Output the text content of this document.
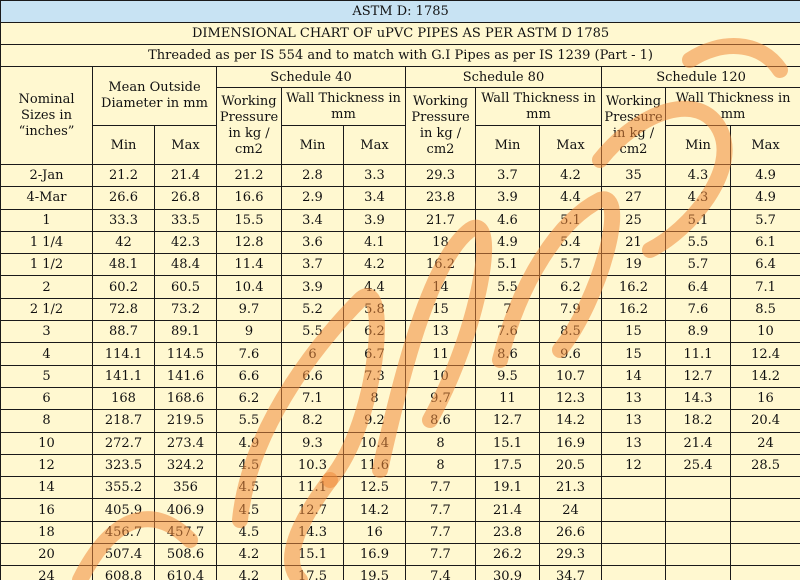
ASTM D: 1785											
DIMENSIONAL CHART OF uPVC PIPES AS PER ASTM D 1785											
Threaded as per IS 554 and to match with G.I Pipes as per IS 1239 (Part - 1)											
Nominal Sizes in “inches”	Mean Outside Diameter in mm		Schedule 40			Schedule 80			Schedule 120		
			Working Pressure in kg / cm2	Wall Thickness in mm		Working Pressure in kg / cm2	Wall Thickness in mm		Working Pressure in kg / cm2	Wall Thickness in mm	
	Min	Max		Min	Max		Min	Max		Min	Max
2-Jan	21.2	21.4	21.2	2.8	3.3	29.3	3.7	4.2	35	4.3	4.9
4-Mar	26.6	26.8	16.6	2.9	3.4	23.8	3.9	4.4	27	4.3	4.9
1	33.3	33.5	15.5	3.4	3.9	21.7	4.6	5.1	25	5.1	5.7
1 1/4	42	42.3	12.8	3.6	4.1	18	4.9	5.4	21	5.5	6.1
1 1/2	48.1	48.4	11.4	3.7	4.2	16.2	5.1	5.7	19	5.7	6.4
2	60.2	60.5	10.4	3.9	4.4	14	5.5	6.2	16.2	6.4	7.1
2 1/2	72.8	73.2	9.7	5.2	5.8	15	7	7.9	16.2	7.6	8.5
3	88.7	89.1	9	5.5	6.2	13	7.6	8.5	15	8.9	10
4	114.1	114.5	7.6	6	6.7	11	8.6	9.6	15	11.1	12.4
5	141.1	141.6	6.6	6.6	7.3	10	9.5	10.7	14	12.7	14.2
6	168	168.6	6.2	7.1	8	9.7	11	12.3	13	14.3	16
8	218.7	219.5	5.5	8.2	9.2	8.6	12.7	14.2	13	18.2	20.4
10	272.7	273.4	4.9	9.3	10.4	8	15.1	16.9	13	21.4	24
12	323.5	324.2	4.5	10.3	11.6	8	17.5	20.5	12	25.4	28.5
14	355.2	356	4.5	11.1	12.5	7.7	19.1	21.3			
16	405.9	406.9	4.5	12.7	14.2	7.7	21.4	24			
18	456.7	457.7	4.5	14.3	16	7.7	23.8	26.6			
20	507.4	508.6	4.2	15.1	16.9	7.7	26.2	29.3			
24	608.8	610.4	4.2	17.5	19.5	7.4	30.9	34.7			
